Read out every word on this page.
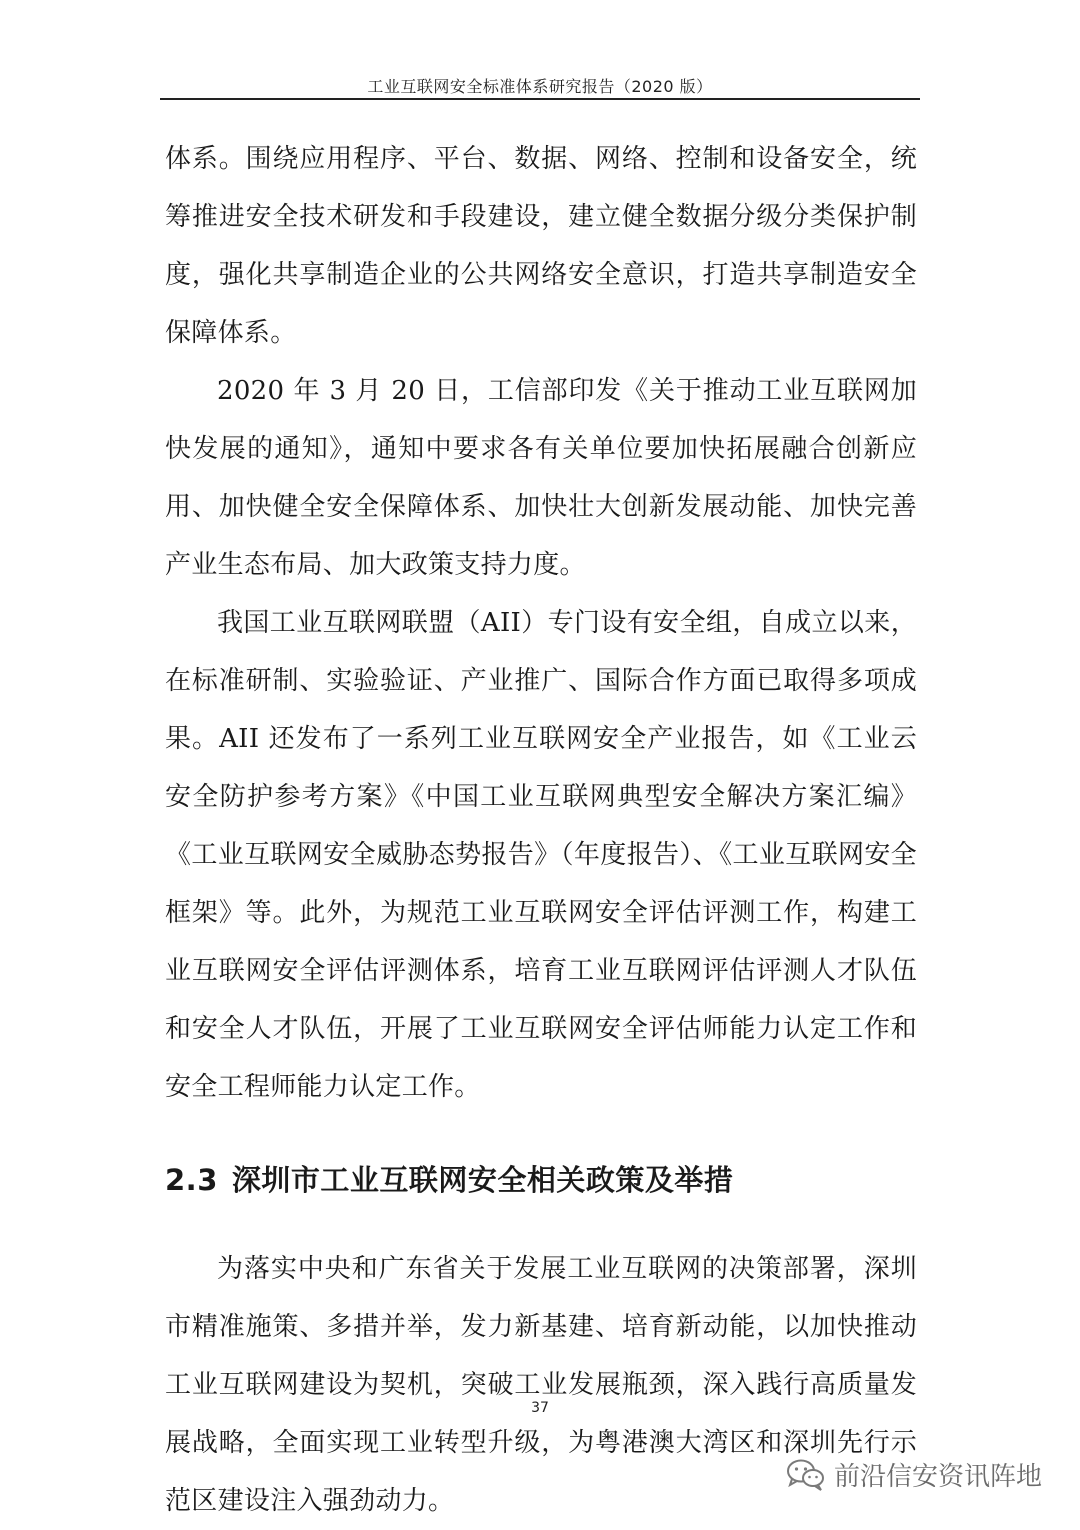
工业互联网安全标准体系研究报告（2020 版）

体系。围绕应用程序、平台、数据、网络、控制和设备安全，统筹推进安全技术研发和手段建设，建立健全数据分级分类保护制度，强化共享制造企业的公共网络安全意识，打造共享制造安全保障体系。

2020 年 3 月 20 日，工信部印发《关于推动工业互联网加快发展的通知》，通知中要求各有关单位要加快拓展融合创新应用、加快健全安全保障体系、加快壮大创新发展动能、加快完善产业生态布局、加大政策支持力度。

我国工业互联网联盟（AII）专门设有安全组，自成立以来，在标准研制、实验验证、产业推广、国际合作方面已取得多项成果。AII 还发布了一系列工业互联网安全产业报告，如《工业云安全防护参考方案》《中国工业互联网典型安全解决方案汇编》《工业互联网安全威胁态势报告》（年度报告）、《工业互联网安全框架》等。此外，为规范工业互联网安全评估评测工作，构建工业互联网安全评估评测体系，培育工业互联网评估评测人才队伍和安全人才队伍，开展了工业互联网安全评估师能力认定工作和安全工程师能力认定工作。

2.3 深圳市工业互联网安全相关政策及举措

为落实中央和广东省关于发展工业互联网的决策部署，深圳市精准施策、多措并举，发力新基建、培育新动能，以加快推动工业互联网建设为契机，突破工业发展瓶颈，深入践行高质量发展战略，全面实现工业转型升级，为粤港澳大湾区和深圳先行示范区建设注入强劲动力。

37
前沿信安资讯阵地
